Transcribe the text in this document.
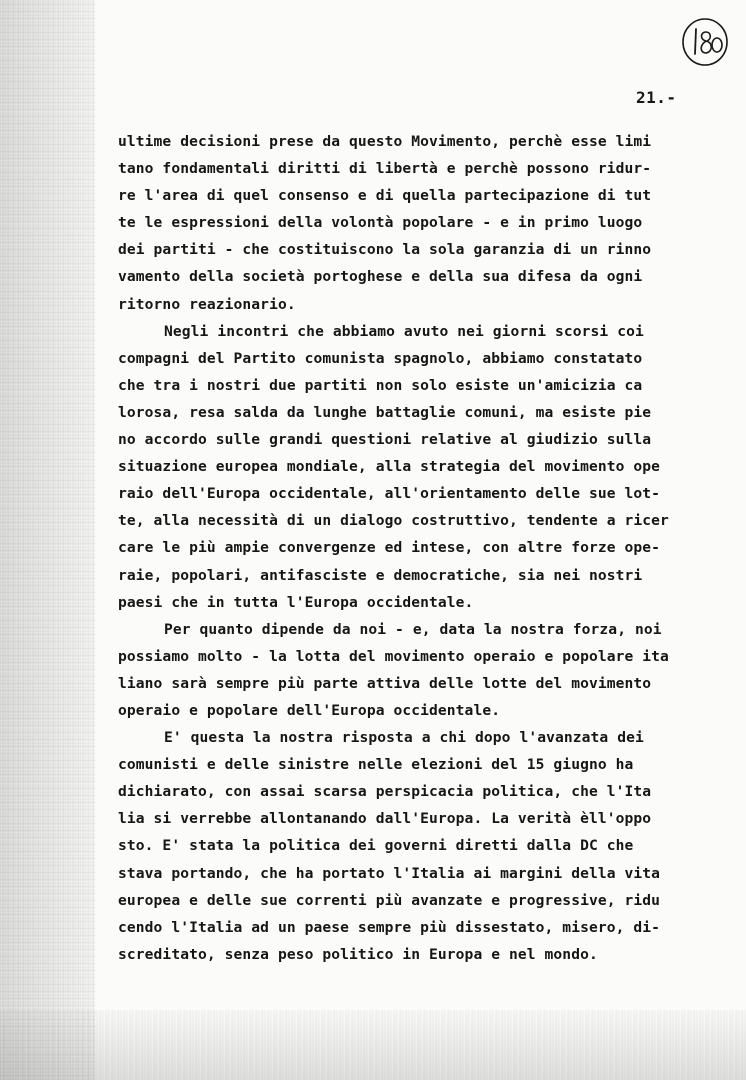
21.-
ultime decisioni prese da questo Movimento, perchè esse limi
tano fondamentali diritti di libertà e perchè possono ridur-
re l'area di quel consenso e di quella partecipazione di tut
te le espressioni della volontà popolare - e in primo luogo
dei partiti - che costituiscono la sola garanzia di un rinno
vamento della società portoghese e della sua difesa da ogni
ritorno reazionario.
Negli incontri che abbiamo avuto nei giorni scorsi coi
compagni del Partito comunista spagnolo, abbiamo constatato
che tra i nostri due partiti non solo esiste un'amicizia ca
lorosa, resa salda da lunghe battaglie comuni, ma esiste pie
no accordo sulle grandi questioni relative al giudizio sulla
situazione europea mondiale, alla strategia del movimento ope
raio dell'Europa occidentale, all'orientamento delle sue lot-
te, alla necessità di un dialogo costruttivo, tendente a ricer
care le più ampie convergenze ed intese, con altre forze ope-
raie, popolari, antifasciste e democratiche, sia nei nostri
paesi che in tutta l'Europa occidentale.
Per quanto dipende da noi - e, data la nostra forza, noi
possiamo molto - la lotta del movimento operaio e popolare ita
liano sarà sempre più parte attiva delle lotte del movimento
operaio e popolare dell'Europa occidentale.
E' questa la nostra risposta a chi dopo l'avanzata dei
comunisti e delle sinistre nelle elezioni del 15 giugno ha
dichiarato, con assai scarsa perspicacia politica, che l'Ita
lia si verrebbe allontanando dall'Europa. La verità èll'oppo
sto. E' stata la politica dei governi diretti dalla DC che
stava portando, che ha portato l'Italia ai margini della vita
europea e delle sue correnti più avanzate e progressive, ridu
cendo l'Italia ad un paese sempre più dissestato, misero, di-
screditato, senza peso politico in Europa e nel mondo.
